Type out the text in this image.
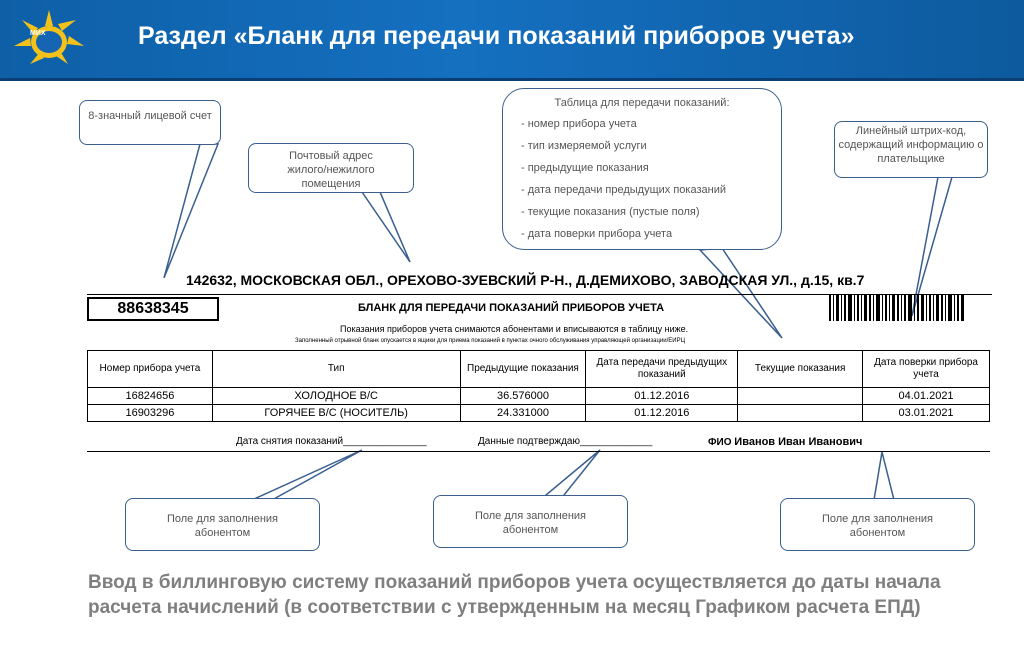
МИХ	Раздел «Бланк для передачи показаний приборов учета»
8-значный лицевой счет
Почтовый адрес жилого/нежилого помещения
Таблица для передачи показаний:
- номер прибора учета
- тип измеряемой услуги
- предыдущие показания
- дата передачи предыдущих показаний
- текущие показания (пустые поля)
- дата поверки прибора учета
Линейный штрих-код, содержащий информацию о плательщике
Поле для заполнения абонентом
Поле для заполнения абонентом
Поле для заполнения абонентом
142632, МОСКОВСКАЯ ОБЛ., ОРЕХОВО-ЗУЕВСКИЙ Р-Н., Д.ДЕМИХОВО, ЗАВОДСКАЯ УЛ., д.15, кв.7
88638345	БЛАНК ДЛЯ ПЕРЕДАЧИ ПОКАЗАНИЙ ПРИБОРОВ УЧЕТА
Показания приборов учета снимаются абонентами и вписываются в таблицу ниже.
Заполненный отрывной бланк опускается в ящики для приема показаний в пунктах очного обслуживания управляющей организации/ЕИРЦ
Номер прибора учета	Тип	Предыдущие показания	Дата передачи предыдущих показаний	Текущие показания	Дата поверки прибора учета
16824656	ХОЛОДНОЕ В/С	36.576000	01.12.2016		04.01.2021
16903296	ГОРЯЧЕЕ В/С (НОСИТЕЛЬ)	24.331000	01.12.2016		03.01.2021
Дата снятия показаний_______________	Данные подтверждаю_____________	ФИО Иванов Иван Иванович
Ввод в биллинговую систему показаний приборов учета осуществляется до даты начала расчета начислений (в соответствии с утвержденным на месяц Графиком расчета ЕПД)
